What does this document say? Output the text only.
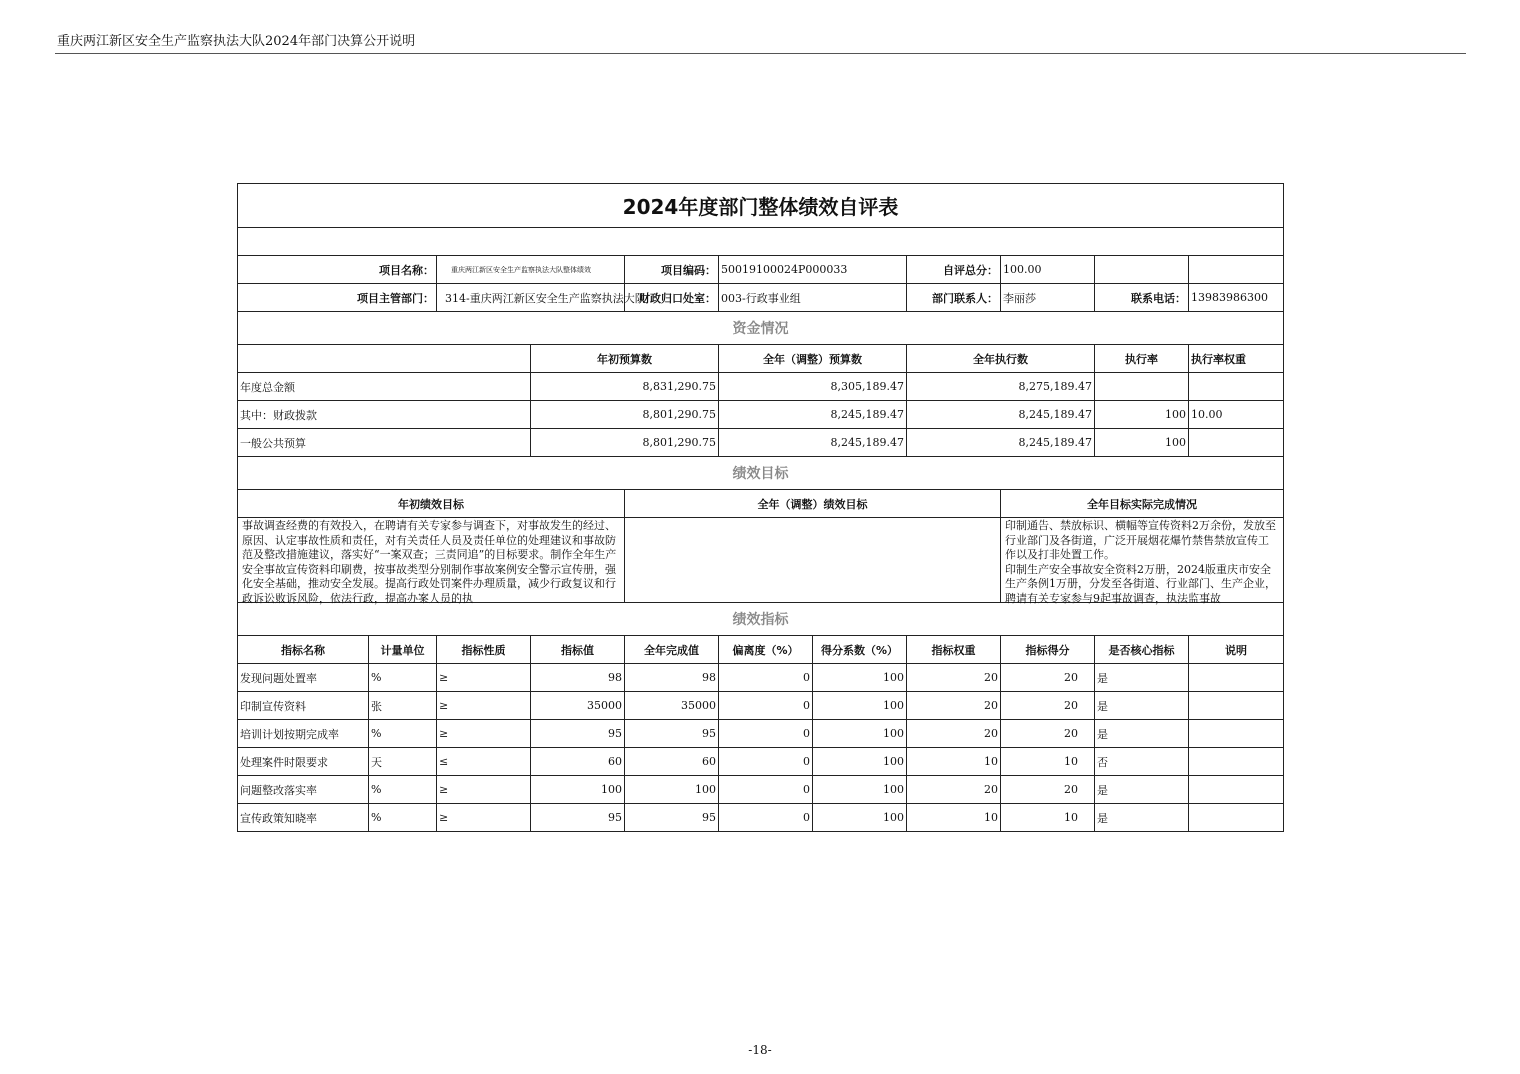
重庆两江新区安全生产监察执法大队2024年部门决算公开说明
2024年度部门整体绩效自评表											

项目名称：		重庆两江新区安全生产监察执法大队整体绩效		项目编码：	50019100024P000033		自评总分：	100.00			
项目主管部门：		314-重庆两江新区安全生产监察执法大队		财政归口处室：	003-行政事业组		部门联系人：	李丽莎	联系电话：	13983986300	
资金情况											
			年初预算数		全年（调整）预算数		全年执行数		执行率	执行率权重	
年度总金额			8,831,290.75		8,305,189.47		8,275,189.47				
其中：财政拨款			8,801,290.75		8,245,189.47		8,245,189.47		100	10.00	
一般公共预算			8,801,290.75		8,245,189.47		8,245,189.47		100		
绩效目标											
年初绩效目标				全年（调整）绩效目标				全年目标实际完成情况			

事故调查经费的有效投入，在聘请有关专家参与调查下，对事故发生的经过、原因、认定事故性质和责任，对有关责任人员及责任单位的处理建议和事故防范及整改措施建议，落实好“一案双查；三责同追”的目标要求。制作全年生产安全事故宣传资料印刷费，按事故类型分别制作事故案例安全警示宣传册，强化安全基础，推动安全发展。提高行政处罚案件办理质量，减少行政复议和行政诉讼败诉风险，依法行政，提高办案人员的执								印制通告、禁放标识、横幅等宣传资料2万余份，发放至行业部门及各街道，广泛开展烟花爆竹禁售禁放宣传工作以及打非处置工作。
印制生产安全事故安全资料2万册，2024版重庆市安全生产条例1万册，分发至各街道、行业部门、生产企业，聘请有关专家参与9起事故调查，执法监事故			

绩效指标											
指标名称	计量单位	指标性质	指标值	全年完成值	偏离度（%）	得分系数（%）	指标权重	指标得分	是否核心指标	说明	
发现问题处置率	%	≥	98	98	0	100	20	20	是		
印制宣传资料	张	≥	35000	35000	0	100	20	20	是		
培训计划按期完成率	%	≥	95	95	0	100	20	20	是		
处理案件时限要求	天	≤	60	60	0	100	10	10	否		
问题整改落实率	%	≥	100	100	0	100	20	20	是		
宣传政策知晓率	%	≥	95	95	0	100	10	10	是		
-18-
